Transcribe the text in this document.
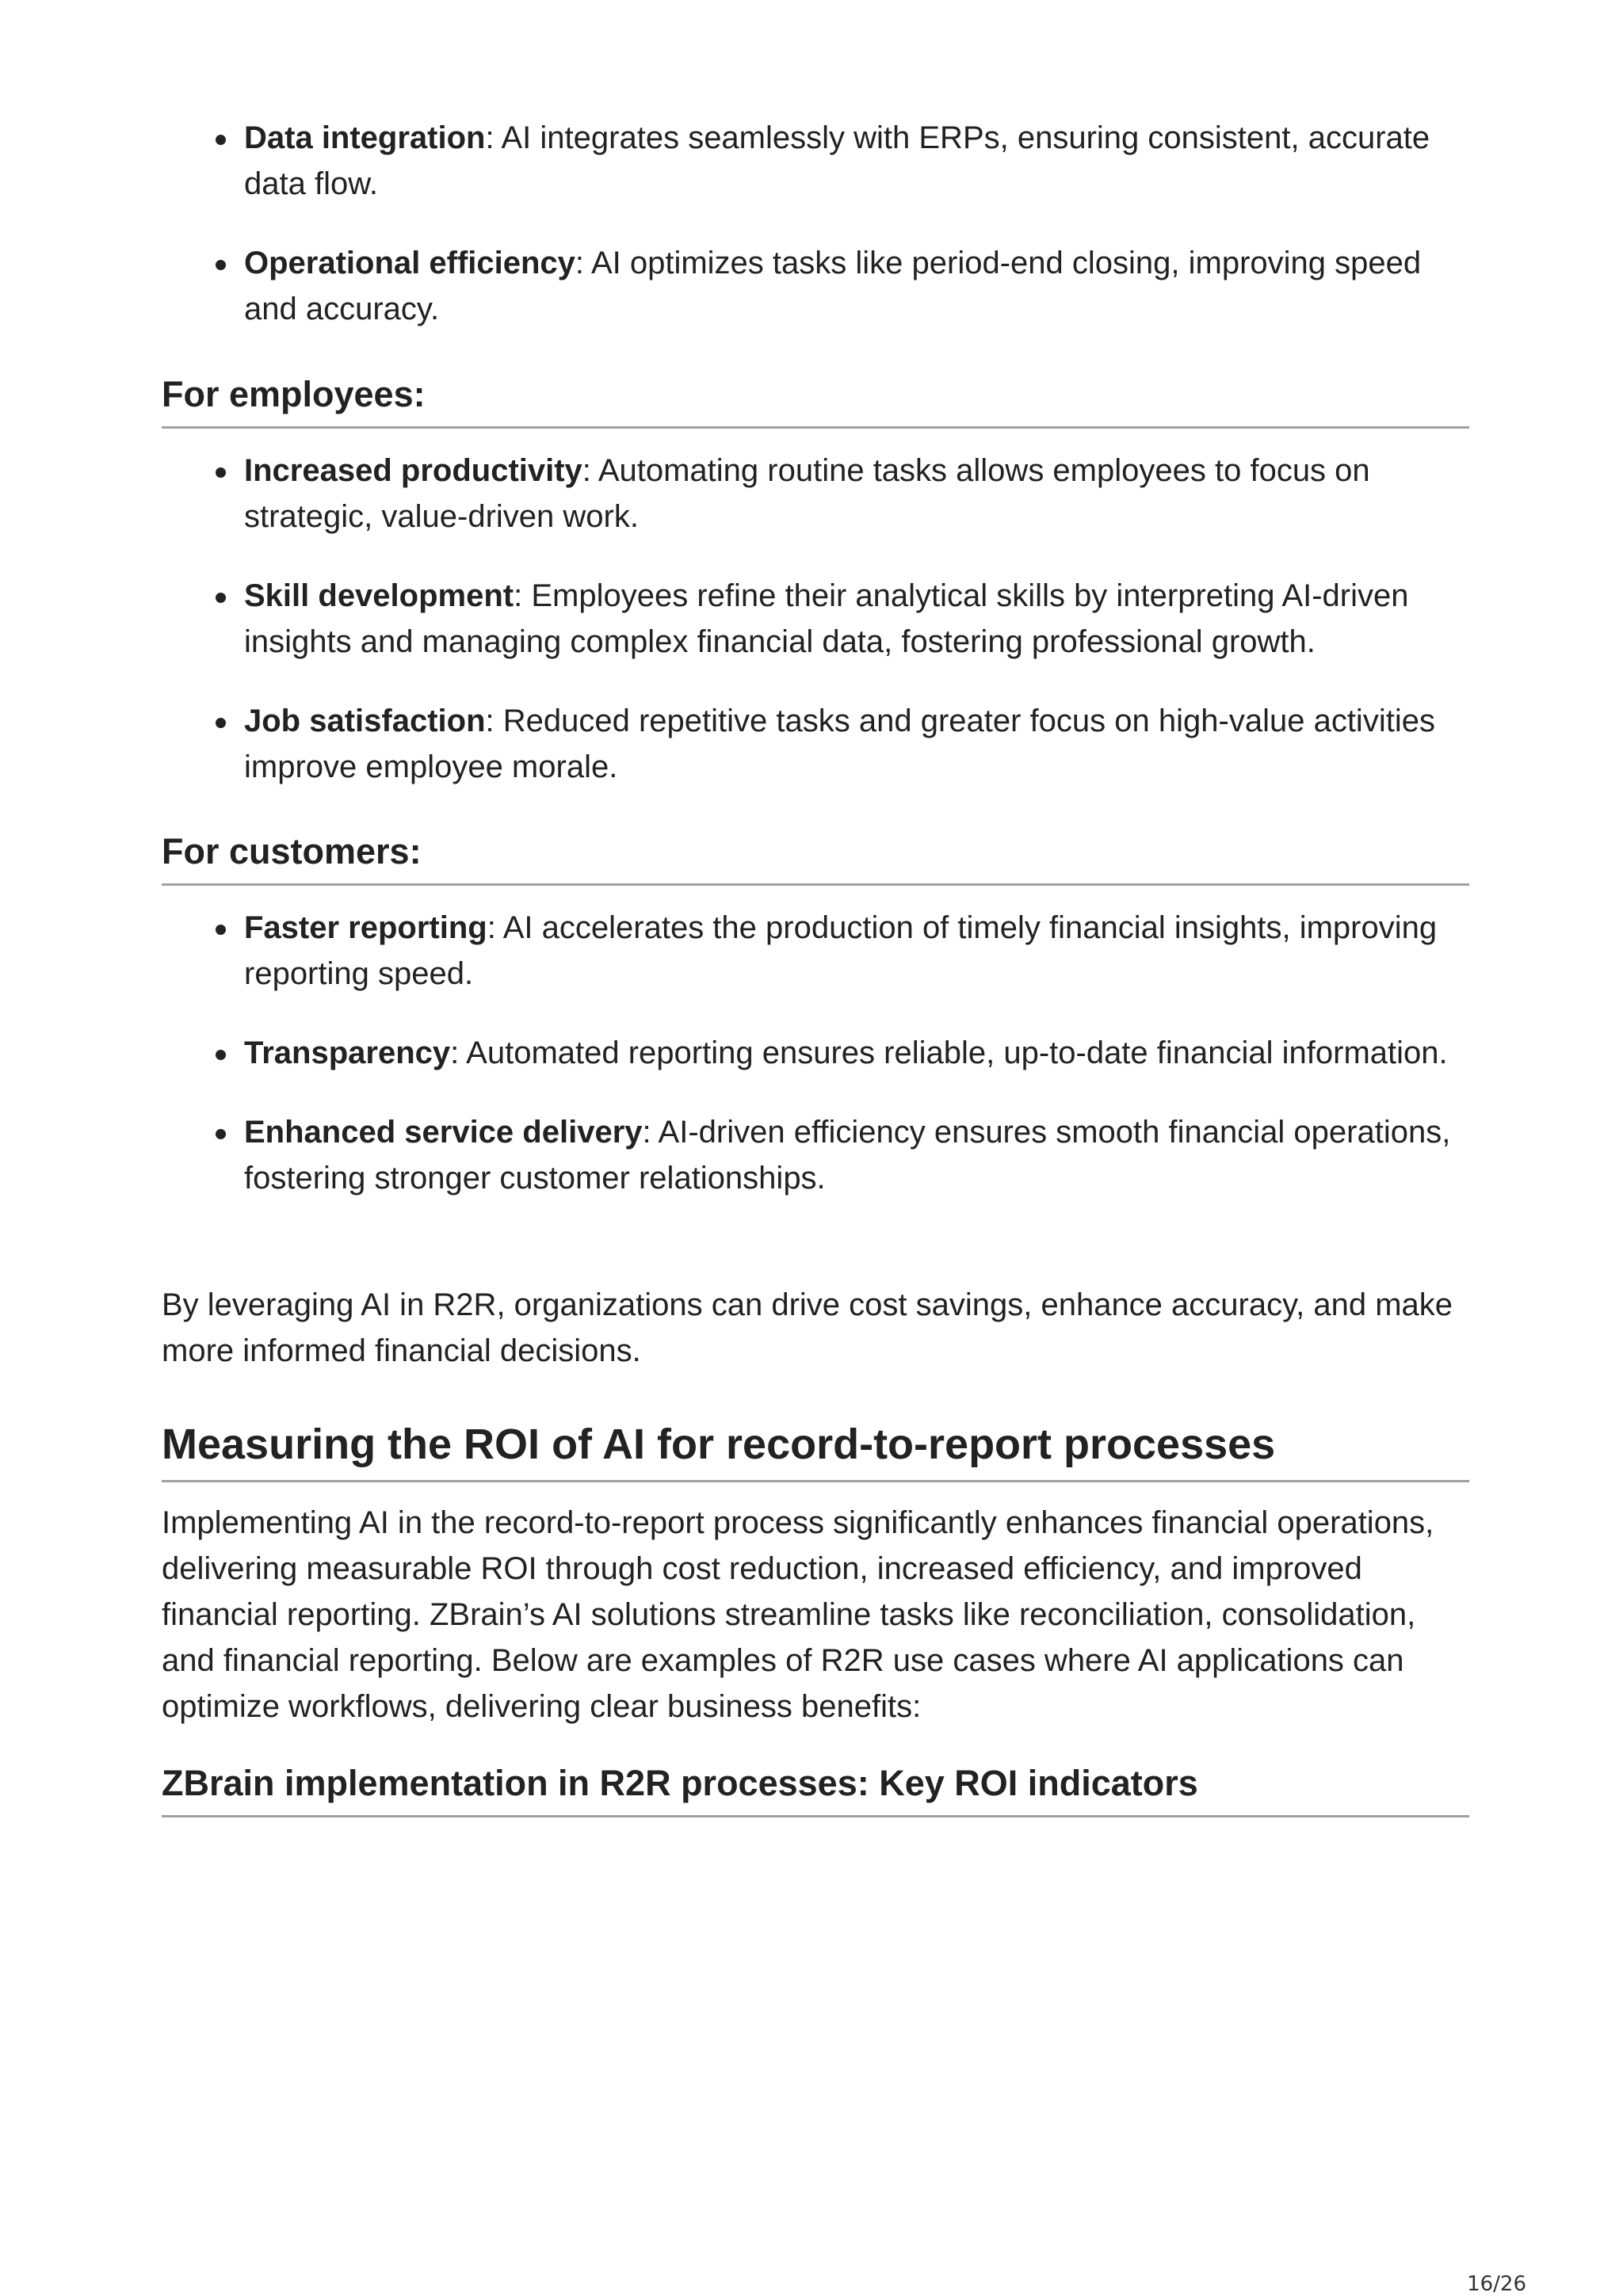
Data integration: AI integrates seamlessly with ERPs, ensuring consistent, accurate data flow.
Operational efficiency: AI optimizes tasks like period-end closing, improving speed and accuracy.
For employees:
Increased productivity: Automating routine tasks allows employees to focus on strategic, value-driven work.
Skill development: Employees refine their analytical skills by interpreting AI-driven insights and managing complex financial data, fostering professional growth.
Job satisfaction: Reduced repetitive tasks and greater focus on high-value activities improve employee morale.
For customers:
Faster reporting: AI accelerates the production of timely financial insights, improving reporting speed.
Transparency: Automated reporting ensures reliable, up-to-date financial information.
Enhanced service delivery: AI-driven efficiency ensures smooth financial operations, fostering stronger customer relationships.

By leveraging AI in R2R, organizations can drive cost savings, enhance accuracy, and make more informed financial decisions.

Measuring the ROI of AI for record-to-report processes

Implementing AI in the record-to-report process significantly enhances financial operations, delivering measurable ROI through cost reduction, increased efficiency, and improved financial reporting. ZBrain’s AI solutions streamline tasks like reconciliation, consolidation, and financial reporting. Below are examples of R2R use cases where AI applications can optimize workflows, delivering clear business benefits:

ZBrain implementation in R2R processes: Key ROI indicators
16/26
